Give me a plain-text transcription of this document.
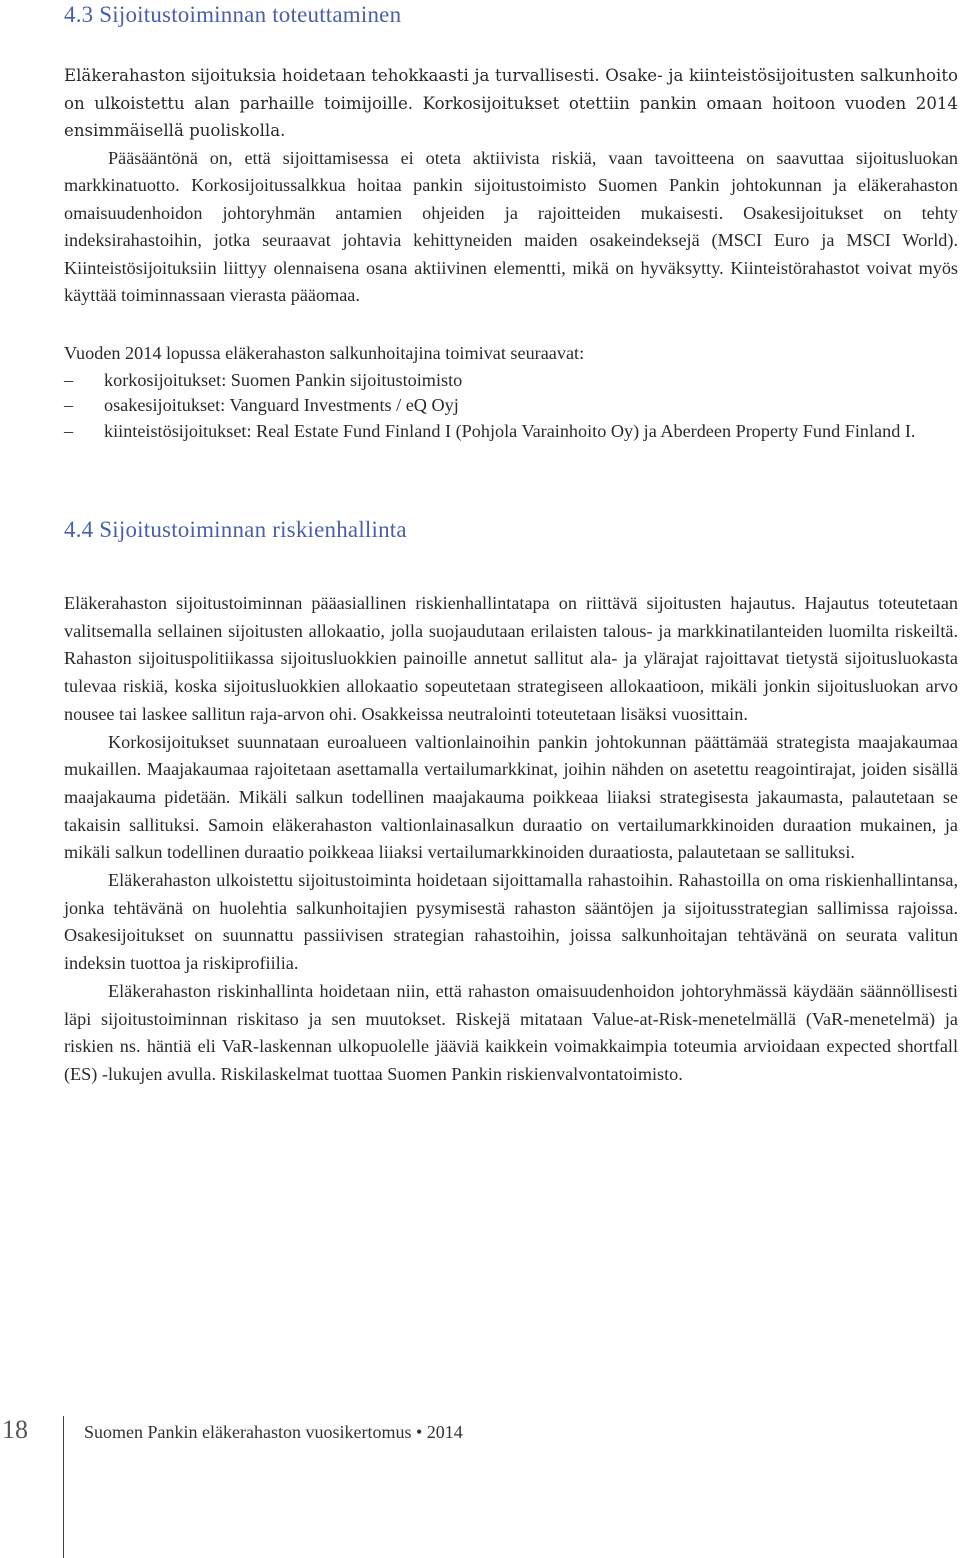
4.3 Sijoitustoiminnan toteuttaminen

Eläkerahaston sijoituksia hoidetaan tehokkaasti ja turvallisesti. Osake- ja kiinteistösijoitusten salkunhoito on ulkoistettu alan parhaille toimijoille. Korkosijoitukset otettiin pankin omaan hoitoon vuoden 2014 ensimmäisellä puoliskolla.

Pääsääntönä on, että sijoittamisessa ei oteta aktiivista riskiä, vaan tavoitteena on saavuttaa sijoitusluokan markkinatuotto. Korkosijoitussalkkua hoitaa pankin sijoitustoimisto Suomen Pankin johtokunnan ja eläkerahaston omaisuudenhoidon johtoryhmän antamien ohjeiden ja rajoitteiden mukaisesti. Osakesijoitukset on tehty indeksirahastoihin, jotka seuraavat johtavia kehittyneiden maiden osakeindeksejä (MSCI Euro ja MSCI World). Kiinteistösijoituksiin liittyy olennaisena osana aktiivinen elementti, mikä on hyväksytty. Kiinteistörahastot voivat myös käyttää toiminnassaan vierasta pääomaa.

Vuoden 2014 lopussa eläkerahaston salkunhoitajina toimivat seuraavat:

– korkosijoitukset: Suomen Pankin sijoitustoimisto
– osakesijoitukset: Vanguard Investments / eQ Oyj
– kiinteistösijoitukset: Real Estate Fund Finland I (Pohjola Varainhoito Oy) ja Aberdeen Property Fund Finland I.
4.4 Sijoitustoiminnan riskienhallinta

Eläkerahaston sijoitustoiminnan pääasiallinen riskienhallintatapa on riittävä sijoitusten hajautus. Hajautus toteutetaan valitsemalla sellainen sijoitusten allokaatio, jolla suojaudutaan erilaisten talous- ja markkinatilanteiden luomilta riskeiltä. Rahaston sijoituspolitiikassa sijoitusluokkien painoille annetut sallitut ala- ja ylärajat rajoittavat tietystä sijoitusluokasta tulevaa riskiä, koska sijoitusluokkien allokaatio sopeutetaan strategiseen allokaatioon, mikäli jonkin sijoitusluokan arvo nousee tai laskee sallitun raja-arvon ohi. Osakkeissa neutralointi toteutetaan lisäksi vuosittain.

Korkosijoitukset suunnataan euroalueen valtionlainoihin pankin johtokunnan päättämää strategista maajakaumaa mukaillen. Maajakaumaa rajoitetaan asettamalla vertailumarkkinat, joihin nähden on asetettu reagointirajat, joiden sisällä maajakauma pidetään. Mikäli salkun todellinen maajakauma poikkeaa liiaksi strategisesta jakaumasta, palautetaan se takaisin sallituksi. Samoin eläkerahaston valtionlainasalkun duraatio on vertailumarkkinoiden duraation mukainen, ja mikäli salkun todellinen duraatio poikkeaa liiaksi vertailumarkkinoiden duraatiosta, palautetaan se sallituksi.

Eläkerahaston ulkoistettu sijoitustoiminta hoidetaan sijoittamalla rahastoihin. Rahastoilla on oma riskienhallintansa, jonka tehtävänä on huolehtia salkunhoitajien pysymisestä rahaston sääntöjen ja sijoitusstrategian sallimissa rajoissa. Osakesijoitukset on suunnattu passiivisen strategian rahastoihin, joissa salkunhoitajan tehtävänä on seurata valitun indeksin tuottoa ja riskiprofiilia.

Eläkerahaston riskinhallinta hoidetaan niin, että rahaston omaisuudenhoidon johtoryhmässä käydään säännöllisesti läpi sijoitustoiminnan riskitaso ja sen muutokset. Riskejä mitataan Value-at-Risk-menetelmällä (VaR-menetelmä) ja riskien ns. häntiä eli VaR-laskennan ulkopuolelle jääviä kaikkein voimakkaimpia toteumia arvioidaan expected shortfall (ES) -lukujen avulla. Riskilaskelmat tuottaa Suomen Pankin riskienvalvontatoimisto.

18	Suomen Pankin eläkerahaston vuosikertomus • 2014
